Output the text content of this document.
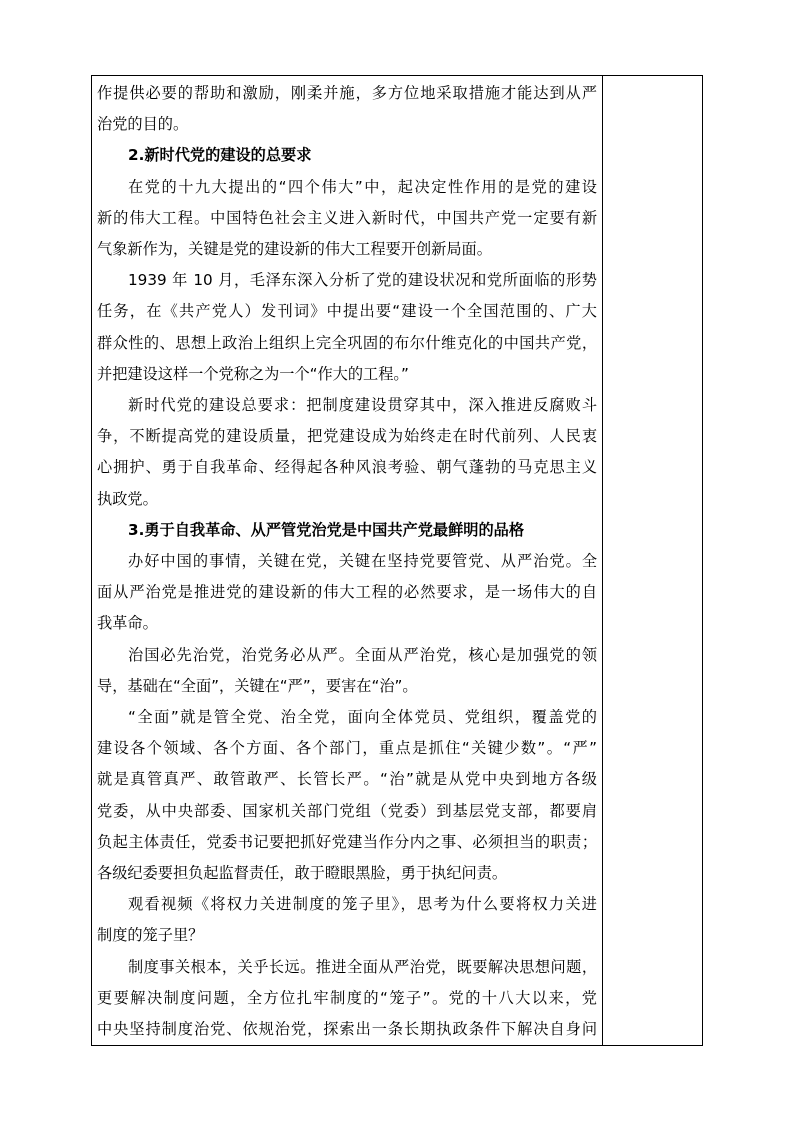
作提供必要的帮助和激励，刚柔并施，多方位地采取措施才能达到从严
治党的目的。
2.新时代党的建设的总要求
在党的十九大提出的“四个伟大”中，起决定性作用的是党的建设
新的伟大工程。中国特色社会主义进入新时代，中国共产党一定要有新
气象新作为，关键是党的建设新的伟大工程要开创新局面。
1939 年 10 月，毛泽东深入分析了党的建设状况和党所面临的形势
任务，在《共产党人）发刊词》中提出要“建设一个全国范围的、广大
群众性的、思想上政治上组织上完全巩固的布尔什维克化的中国共产党，
并把建设这样一个党称之为一个“作大的工程。”
新时代党的建设总要求：把制度建设贯穿其中，深入推进反腐败斗
争，不断提高党的建设质量，把党建设成为始终走在时代前列、人民衷
心拥护、勇于自我革命、经得起各种风浪考验、朝气蓬勃的马克思主义
执政党。
3.勇于自我革命、从严管党治党是中国共产党最鲜明的品格
办好中国的事情，关键在党，关键在坚持党要管党、从严治党。全
面从严治党是推进党的建设新的伟大工程的必然要求，是一场伟大的自
我革命。
治国必先治党，治党务必从严。全面从严治党，核心是加强党的领
导，基础在“全面”，关键在“严”，要害在“治”。
“全面”就是管全党、治全党，面向全体党员、党组织，覆盖党的
建设各个领域、各个方面、各个部门，重点是抓住“关键少数”。“严”
就是真管真严、敢管敢严、长管长严。“治”就是从党中央到地方各级
党委，从中央部委、国家机关部门党组（党委）到基层党支部，都要肩
负起主体责任，党委书记要把抓好党建当作分内之事、必须担当的职责；
各级纪委要担负起监督责任，敢于瞪眼黑脸，勇于执纪问责。
观看视频《将权力关进制度的笼子里》，思考为什么要将权力关进
制度的笼子里？
制度事关根本，关乎长远。推进全面从严治党，既要解决思想问题，
更要解决制度问题，全方位扎牢制度的“笼子”。党的十八大以来，党
中央坚持制度治党、依规治党，探索出一条长期执政条件下解决自身问
